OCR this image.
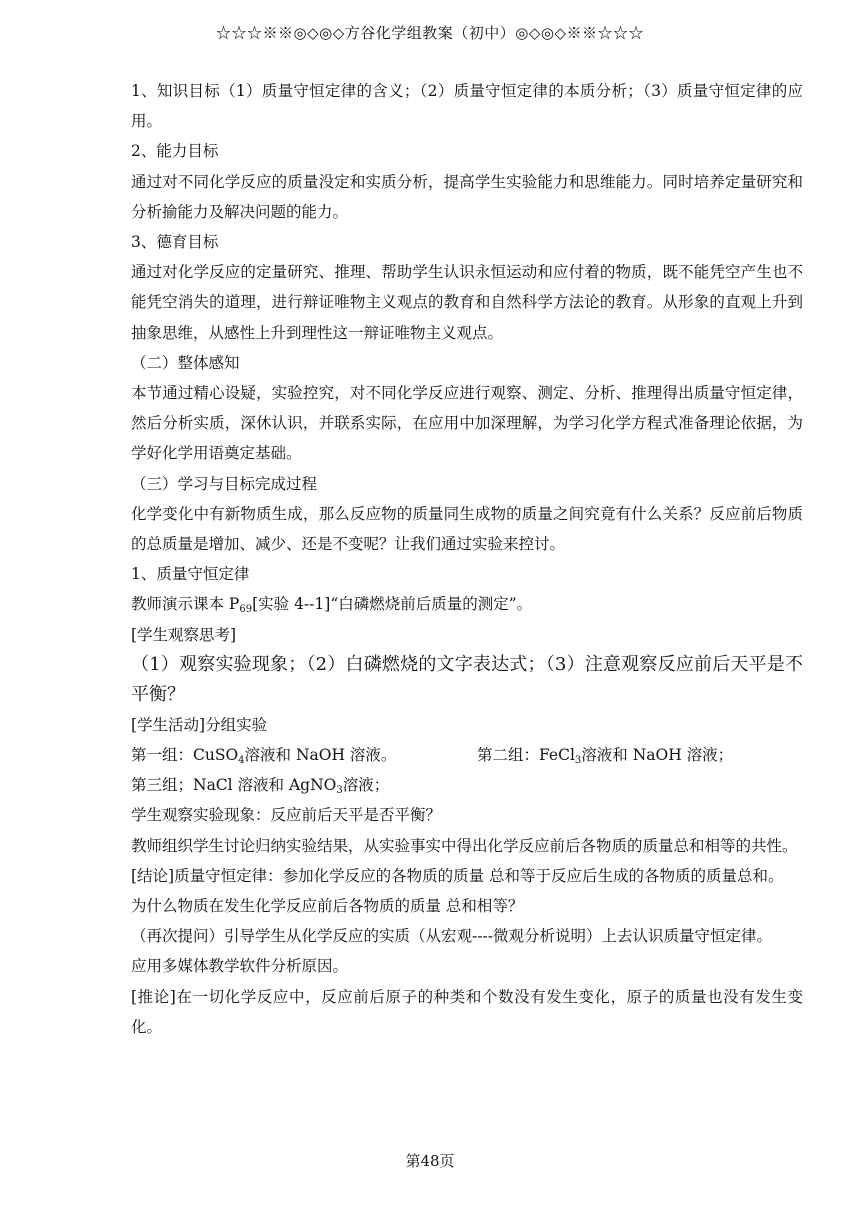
☆☆☆※※◎◇◎◇方谷化学组教案（初中）◎◇◎◇※※☆☆☆

1、知识目标（1）质量守恒定律的含义；（2）质量守恒定律的本质分析；（3）质量守恒定律的应用。

2、能力目标

通过对不同化学反应的质量没定和实质分析，提高学生实验能力和思维能力。同时培养定量研究和分析揄能力及解决问题的能力。

3、德育目标

通过对化学反应的定量研究、推理、帮助学生认识永恒运动和应付着的物质，既不能凭空产生也不能凭空消失的道理，进行辩证唯物主义观点的教育和自然科学方法论的教育。从形象的直观上升到抽象思维，从感性上升到理性这一辩证唯物主义观点。

（二）整体感知

本节通过精心设疑，实验控究，对不同化学反应进行观察、测定、分析、推理得出质量守恒定律，然后分析实质，深休认识，并联系实际，在应用中加深理解，为学习化学方程式准备理论依据，为学好化学用语奠定基础。

（三）学习与目标完成过程

化学变化中有新物质生成，那么反应物的质量同生成物的质量之间究竟有什么关系？反应前后物质的总质量是增加、减少、还是不变呢？让我们通过实验来控讨。

1、质量守恒定律

教师演示课本 $P_{69}$[实验 4--1]“白磷燃烧前后质量的测定”。

[学生观察思考]

（1）观察实验现象；（2）白磷燃烧的文字表达式；（3）注意观察反应前后天平是不平衡？

[学生活动]分组实验

第一组：CuSO$_4$溶液和 NaOH 溶液。	第二组：FeCl$_3$溶液和 NaOH 溶液；

第三组；NaCl 溶液和 AgNO$_3$溶液；

学生观察实验现象：反应前后天平是否平衡？

教师组织学生讨论归纳实验结果，从实验事实中得出化学反应前后各物质的质量总和相等的共性。

[结论]质量守恒定律：参加化学反应的各物质的质量 总和等于反应后生成的各物质的质量总和。

为什么物质在发生化学反应前后各物质的质量 总和相等？

（再次提问）引导学生从化学反应的实质（从宏观----微观分析说明）上去认识质量守恒定律。

应用多媒体教学软件分析原因。

[推论]在一切化学反应中，反应前后原子的种类和个数没有发生变化，原子的质量也没有发生变化。

第48页
